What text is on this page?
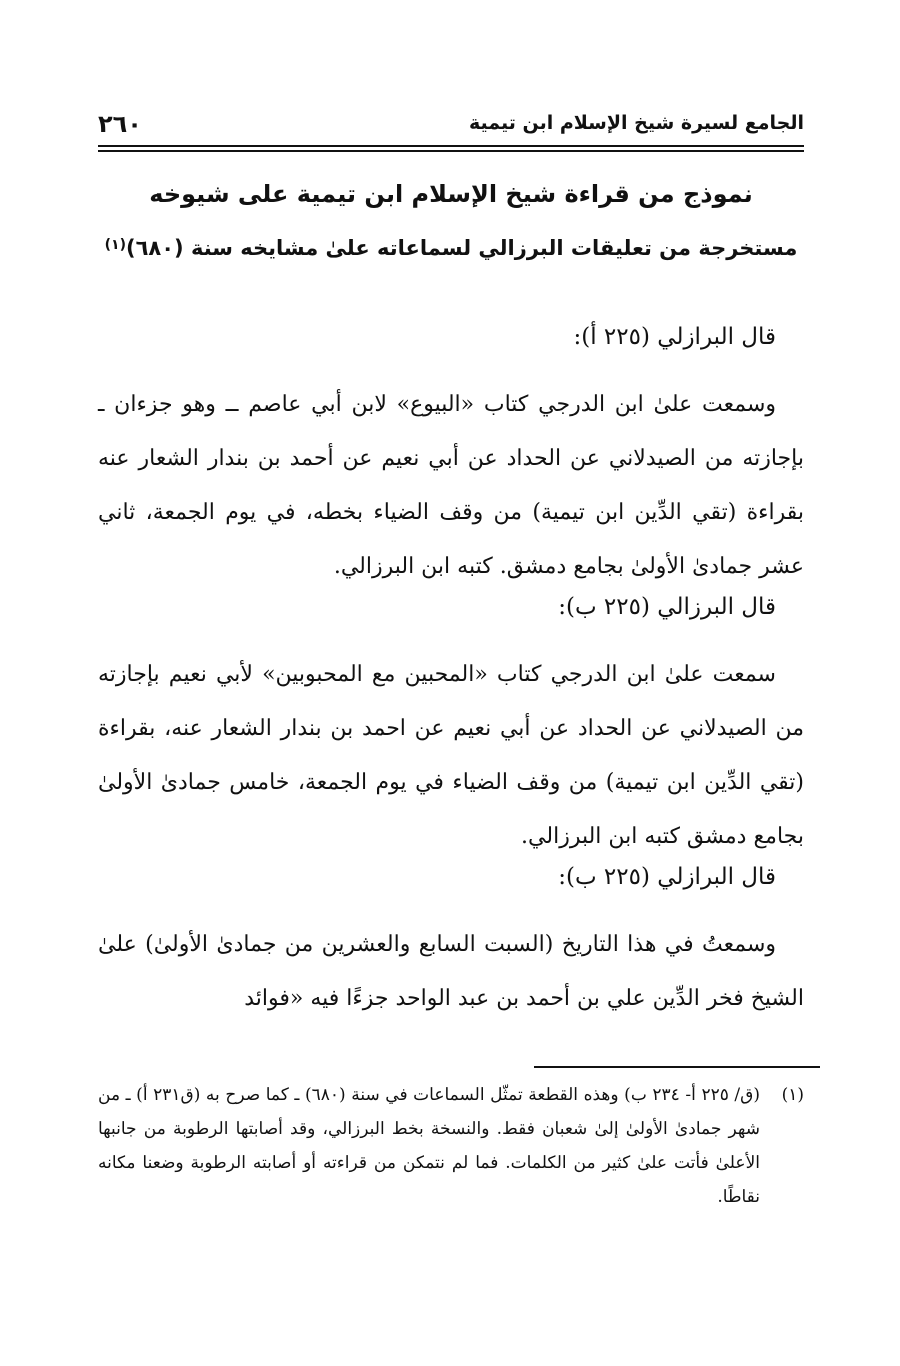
الجامع لسيرة شيخ الإسلام ابن تيمية
٢٦٠
نموذج من قراءة شيخ الإسلام ابن تيمية على شيوخه
مستخرجة من تعليقات البرزالي لسماعاته علىٰ مشايخه سنة (٦٨٠)$^{(١)}$
قال البرازلي (٢٢٥ أ):

وسمعت علىٰ ابن الدرجي كتاب «البيوع» لابن أبي عاصم ــ وهو جزءان ـ بإجازته من الصيدلاني عن الحداد عن أبي نعيم عن أحمد بن بندار الشعار عنه بقراءة (تقي الدِّين ابن تيمية) من وقف الضياء بخطه، في يوم الجمعة، ثاني عشر جمادىٰ الأولىٰ بجامع دمشق. كتبه ابن البرزالي.

قال البرزالي (٢٢٥ ب):

سمعت علىٰ ابن الدرجي كتاب «المحبين مع المحبوبين» لأبي نعيم بإجازته من الصيدلاني عن الحداد عن أبي نعيم عن احمد بن بندار الشعار عنه، بقراءة (تقي الدِّين ابن تيمية) من وقف الضياء في يوم الجمعة، خامس جمادىٰ الأولىٰ بجامع دمشق كتبه ابن البرزالي.

قال البرازلي (٢٢٥ ب):

وسمعتُ في هذا التاريخ (السبت السابع والعشرين من جمادىٰ الأولىٰ) علىٰ الشيخ فخر الدِّين علي بن أحمد بن عبد الواحد جزءًا فيه «فوائد

(١)
(ق/ ٢٢٥ أ- ٢٣٤ ب) وهذه القطعة تمثّل السماعات في سنة (٦٨٠) ـ كما صرح به (ق٢٣١ أ) ـ من شهر جمادىٰ الأولىٰ إلىٰ شعبان فقط. والنسخة بخط البرزالي، وقد أصابتها الرطوبة من جانبها الأعلىٰ فأتت علىٰ كثير من الكلمات. فما لم نتمكن من قراءته أو أصابته الرطوبة وضعنا مكانه نقاطًا.
